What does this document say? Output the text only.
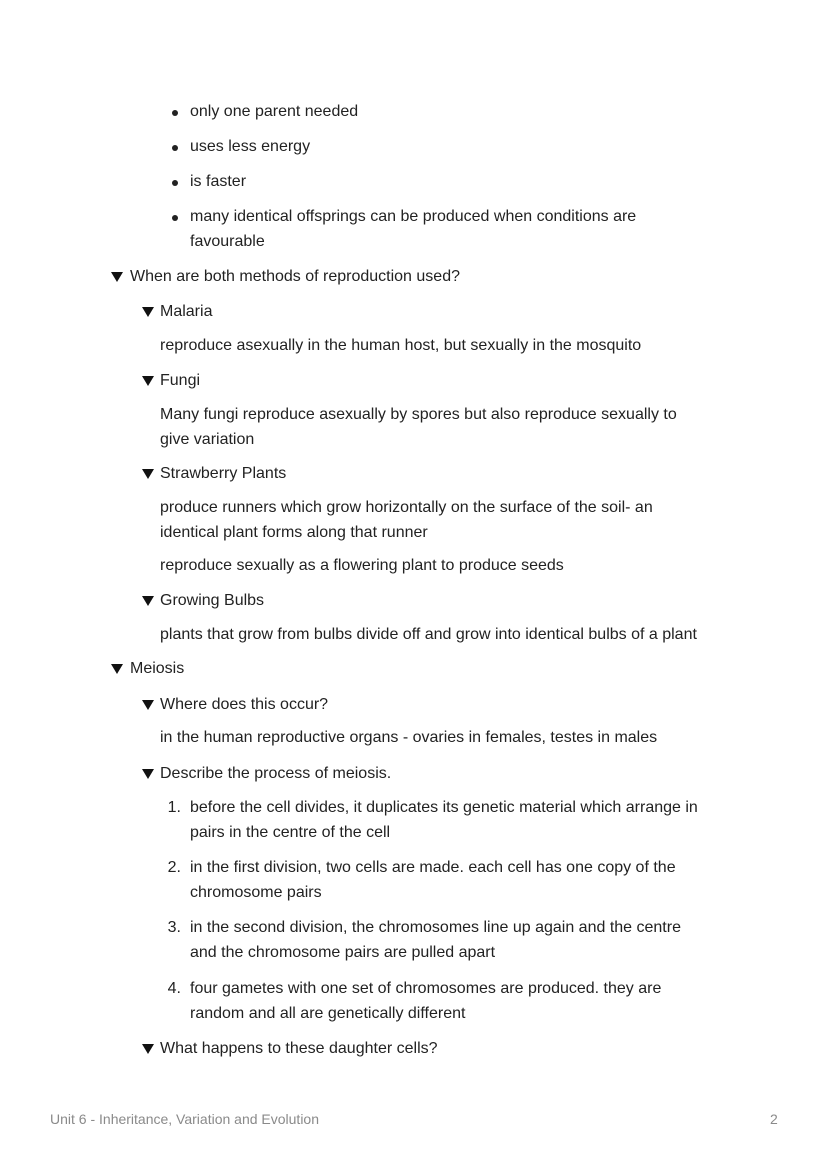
only one parent needed
uses less energy
is faster
many identical offsprings can be produced when conditions are
favourable
When are both methods of reproduction used?
Malaria
reproduce asexually in the human host, but sexually in the mosquito
Fungi
Many fungi reproduce asexually by spores but also reproduce sexually to
give variation
Strawberry Plants
produce runners which grow horizontally on the surface of the soil- an
identical plant forms along that runner
reproduce sexually as a flowering plant to produce seeds
Growing Bulbs
plants that grow from bulbs divide off and grow into identical bulbs of a plant
Meiosis
Where does this occur?
in the human reproductive organs - ovaries in females, testes in males
Describe the process of meiosis.
1. before the cell divides, it duplicates its genetic material which arrange in
pairs in the centre of the cell
2. in the first division, two cells are made. each cell has one copy of the
chromosome pairs
3. in the second division, the chromosomes line up again and the centre
and the chromosome pairs are pulled apart
4. four gametes with one set of chromosomes are produced. they are
random and all are genetically different
What happens to these daughter cells?
Unit 6 - Inheritance, Variation and Evolution	2
